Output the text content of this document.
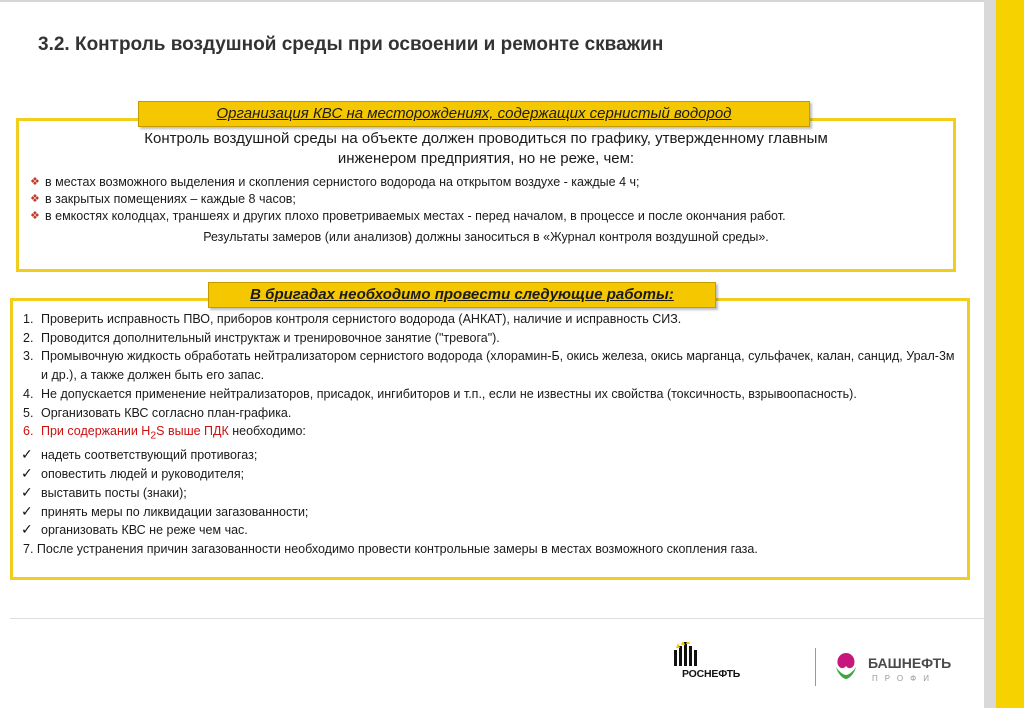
3.2. Контроль воздушной среды при освоении и ремонте скважин
Контроль воздушной среды на объекте должен проводиться по графику, утвержденному главным
инженером предприятия, но не реже, чем:
❖ в местах возможного выделения и скопления сернистого водорода на открытом воздухе - каждые 4 ч;
❖ в закрытых помещениях – каждые 8 часов;
❖ в емкостях колодцах, траншеях и других плохо проветриваемых местах - перед началом, в процессе и после окончания работ.
Результаты замеров (или анализов) должны заноситься в «Журнал контроля воздушной среды».
Организация КВС на месторождениях, содержащих сернистый водород
1. Проверить исправность ПВО, приборов контроля сернистого водорода (АНКАТ), наличие и исправность СИЗ.
2. Проводится дополнительный инструктаж и тренировочное занятие ("тревога").
3. Промывочную жидкость обработать нейтрализатором сернистого водорода (хлорамин-Б, окись железа, окись марганца, сульфачек, калан, санцид, Урал-3м и др.), а также должен быть его запас.
4. Не допускается применение нейтрализаторов, присадок, ингибиторов и т.п., если не известны их свойства (токсичность, взрывоопасность).
5. Организовать КВС согласно план-графика.
6. При содержании $H_2S$ выше ПДК необходимо:
✓ надеть соответствующий противогаз;
✓ оповестить людей и руководителя;
✓ выставить посты (знаки);
✓ принять меры по ликвидации загазованности;
✓ организовать КВС не реже чем час.
7. После устранения причин загазованности необходимо провести контрольные замеры в местах возможного скопления газа.
В бригадах необходимо провести следующие работы:
РОСНЕФТЬ
БАШНЕФТЬ
ПРОФИ
